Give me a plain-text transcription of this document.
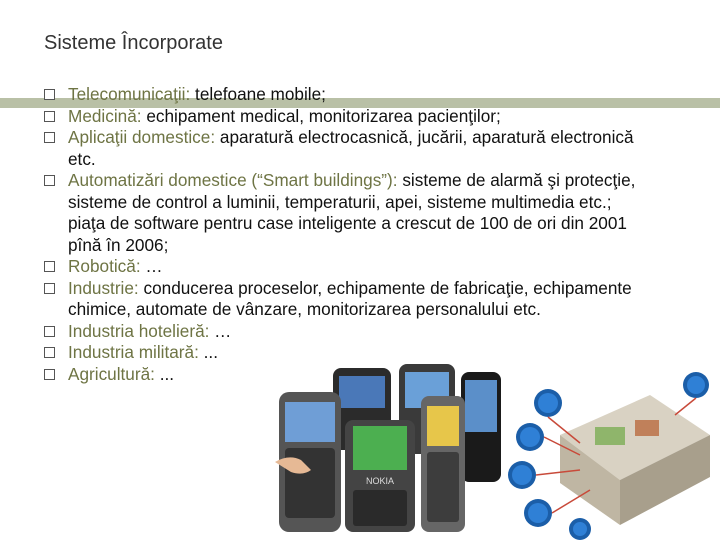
Sisteme Încorporate
Telecomunicaţii: telefoane mobile;
Medicină: echipament medical, monitorizarea pacienţilor;
Aplicaţii domestice: aparatură electrocasnică, jucării, aparatură electronică etc.
Automatizări domestice (“Smart buildings”): sisteme de alarmă şi protecţie, sisteme de control a luminii, temperaturii, apei, sisteme multimedia etc.; piaţa de software pentru case inteligente a crescut de 100 de ori din 2001 pînă în 2006;
Robotică: …
Industrie: conducerea proceselor, echipamente de fabricaţie, echipamente chimice, automate de vânzare, monitorizarea personalului etc.
Industria hotelieră: …
Industria militară: ...
Agricultură: ...
NOKIA
